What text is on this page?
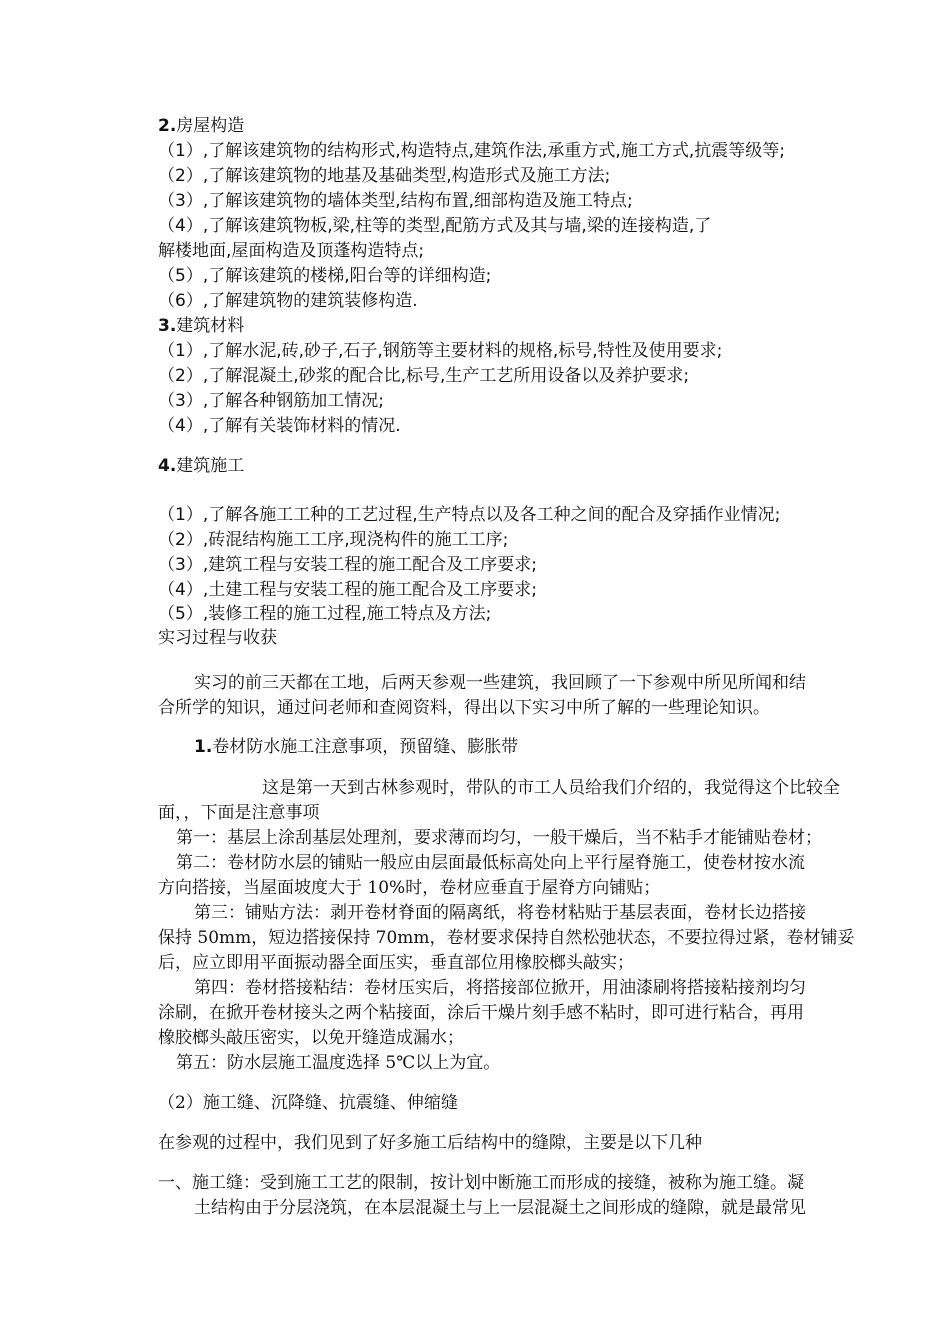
2.房屋构造
（1）,了解该建筑物的结构形式,构造特点,建筑作法,承重方式,施工方式,抗震等级等;
（2）,了解该建筑物的地基及基础类型,构造形式及施工方法;
（3）,了解该建筑物的墙体类型,结构布置,细部构造及施工特点;
（4）,了解该建筑物板,梁,柱等的类型,配筋方式及其与墙,梁的连接构造,了
解楼地面,屋面构造及顶蓬构造特点;
（5）,了解该建筑的楼梯,阳台等的详细构造;
（6）,了解建筑物的建筑装修构造.
3.建筑材料
（1）,了解水泥,砖,砂子,石子,钢筋等主要材料的规格,标号,特性及使用要求;
（2）,了解混凝土,砂浆的配合比,标号,生产工艺所用设备以及养护要求;
（3）,了解各种钢筋加工情况;
（4）,了解有关装饰材料的情况.
4.建筑施工
（1）,了解各施工工种的工艺过程,生产特点以及各工种之间的配合及穿插作业情况;
（2）,砖混结构施工工序,现浇构件的施工工序;
（3）,建筑工程与安装工程的施工配合及工序要求;
（4）,土建工程与安装工程的施工配合及工序要求;
（5）,装修工程的施工过程,施工特点及方法;
实习过程与收获
实习的前三天都在工地，后两天参观一些建筑，我回顾了一下参观中所见所闻和结
合所学的知识，通过问老师和查阅资料，得出以下实习中所了解的一些理论知识。
1.卷材防水施工注意事项，预留缝、膨胀带
这是第一天到古林参观时，带队的市工人员给我们介绍的，我觉得这个比较全
面，，下面是注意事项
第一：基层上涂刮基层处理剂，要求薄而均匀，一般干燥后，当不粘手才能铺贴卷材；
第二：卷材防水层的铺贴一般应由层面最低标高处向上平行屋脊施工，使卷材按水流
方向搭接，当屋面坡度大于 10%时，卷材应垂直于屋脊方向铺贴；
第三：铺贴方法：剥开卷材脊面的隔离纸，将卷材粘贴于基层表面，卷材长边搭接
保持 50mm，短边搭接保持 70mm，卷材要求保持自然松弛状态，不要拉得过紧，卷材铺妥
后，应立即用平面振动器全面压实，垂直部位用橡胶榔头敲实；
第四：卷材搭接粘结：卷材压实后，将搭接部位掀开，用油漆刷将搭接粘接剂均匀
涂刷，在掀开卷材接头之两个粘接面，涂后干燥片刻手感不粘时，即可进行粘合，再用
橡胶榔头敲压密实，以免开缝造成漏水；
第五：防水层施工温度选择 5℃以上为宜。
（2）施工缝、沉降缝、抗震缝、伸缩缝
在参观的过程中，我们见到了好多施工后结构中的缝隙，主要是以下几种
一、施工缝：受到施工工艺的限制，按计划中断施工而形成的接缝，被称为施工缝。凝
土结构由于分层浇筑，在本层混凝土与上一层混凝土之间形成的缝隙，就是最常见
